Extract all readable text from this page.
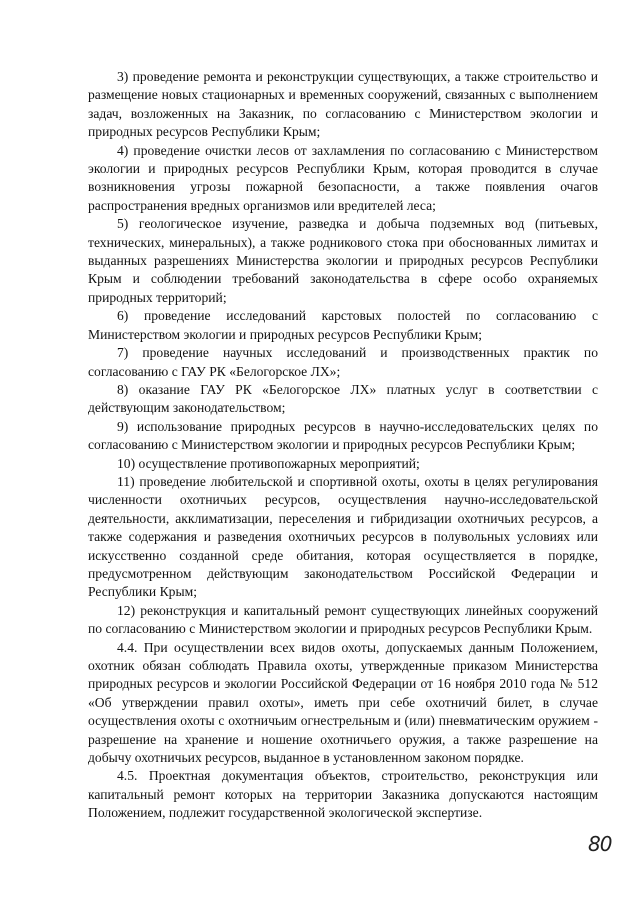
3) проведение ремонта и реконструкции существующих, а также строительство и размещение новых стационарных и временных сооружений, связанных с выполнением задач, возложенных на Заказник, по согласованию с Министерством экологии и природных ресурсов Республики Крым;

4) проведение очистки лесов от захламления по согласованию с Министерством экологии и природных ресурсов Республики Крым, которая проводится в случае возникновения угрозы пожарной безопасности, а также появления очагов распространения вредных организмов или вредителей леса;

5) геологическое изучение, разведка и добыча подземных вод (питьевых, технических, минеральных), а также родникового стока при обоснованных лимитах и выданных разрешениях Министерства экологии и природных ресурсов Республики Крым и соблюдении требований законодательства в сфере особо охраняемых природных территорий;

6) проведение исследований карстовых полостей по согласованию с Министерством экологии и природных ресурсов Республики Крым;

7) проведение научных исследований и производственных практик по согласованию с ГАУ РК «Белогорское ЛХ»;

8) оказание ГАУ РК «Белогорское ЛХ» платных услуг в соответствии с действующим законодательством;

9) использование природных ресурсов в научно-исследовательских целях по согласованию с Министерством экологии и природных ресурсов Республики Крым;

10) осуществление противопожарных мероприятий;

11) проведение любительской и спортивной охоты, охоты в целях регулирования численности охотничьих ресурсов, осуществления научно-исследовательской деятельности, акклиматизации, переселения и гибридизации охотничьих ресурсов, а также содержания и разведения охотничьих ресурсов в полувольных условиях или искусственно созданной среде обитания, которая осуществляется в порядке, предусмотренном действующим законодательством Российской Федерации и Республики Крым;

12) реконструкция и капитальный ремонт существующих линейных сооружений по согласованию с Министерством экологии и природных ресурсов Республики Крым.

4.4. При осуществлении всех видов охоты, допускаемых данным Положением, охотник обязан соблюдать Правила охоты, утвержденные приказом Министерства природных ресурсов и экологии Российской Федерации от 16 ноября 2010 года № 512 «Об утверждении правил охоты», иметь при себе охотничий билет, в случае осуществления охоты с охотничьим огнестрельным и (или) пневматическим оружием - разрешение на хранение и ношение охотничьего оружия, а также разрешение на добычу охотничьих ресурсов, выданное в установленном законом порядке.

4.5. Проектная документация объектов, строительство, реконструкция или капитальный ремонт которых на территории Заказника допускаются настоящим Положением, подлежит государственной экологической экспертизе.

80
